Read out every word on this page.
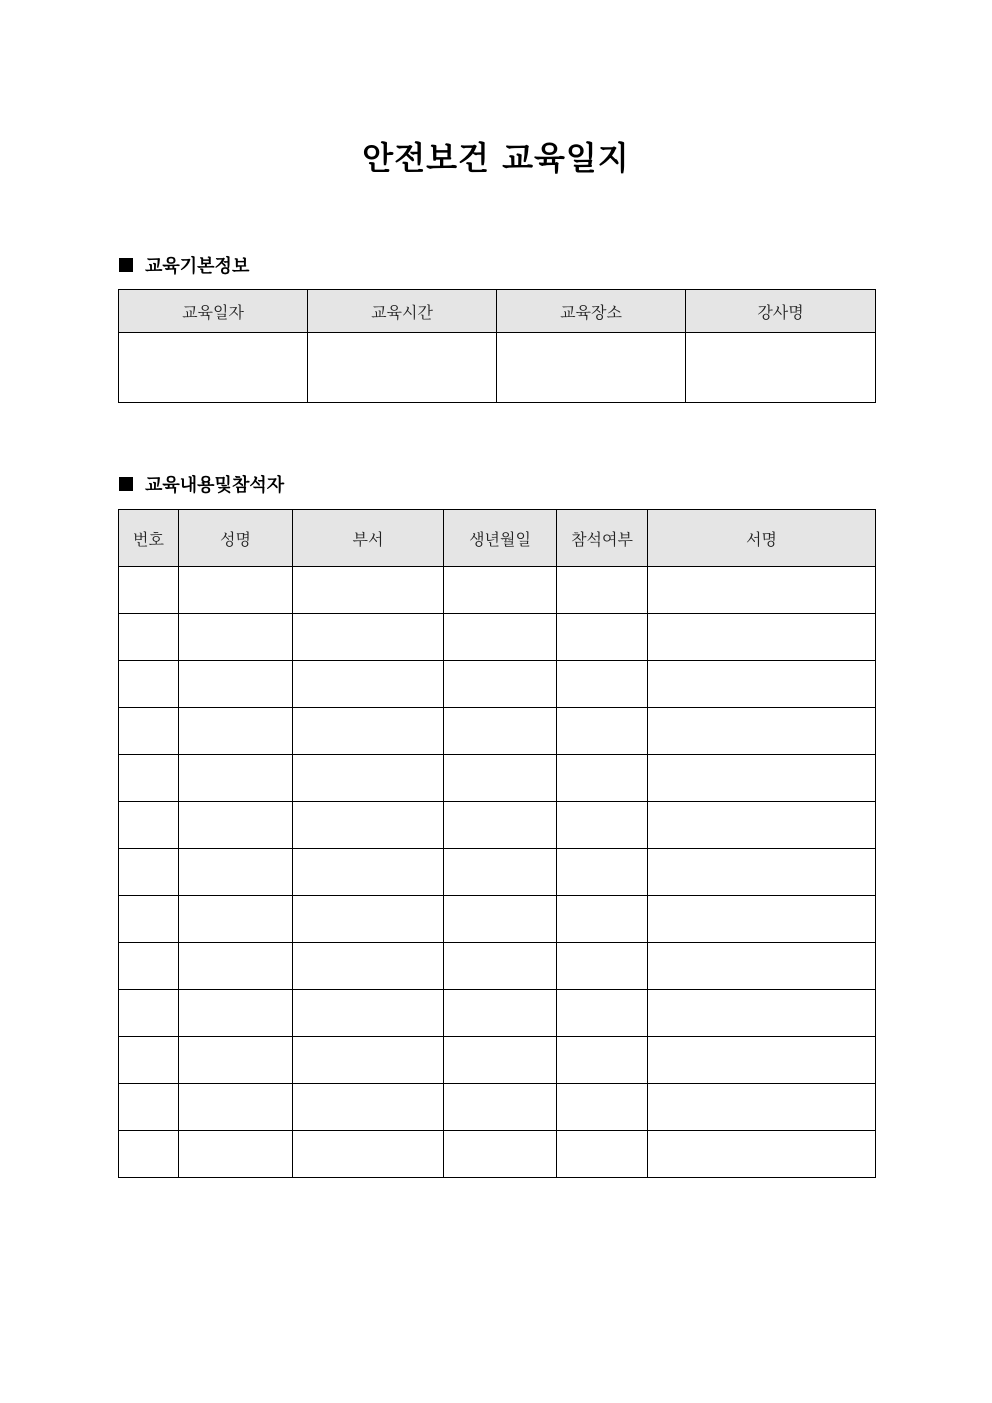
안전보건 교육일지
교육기본정보
교육일자	교육시간	교육장소	강사명

교육내용및참석자
번호	성명	부서	생년월일	참석여부	서명
